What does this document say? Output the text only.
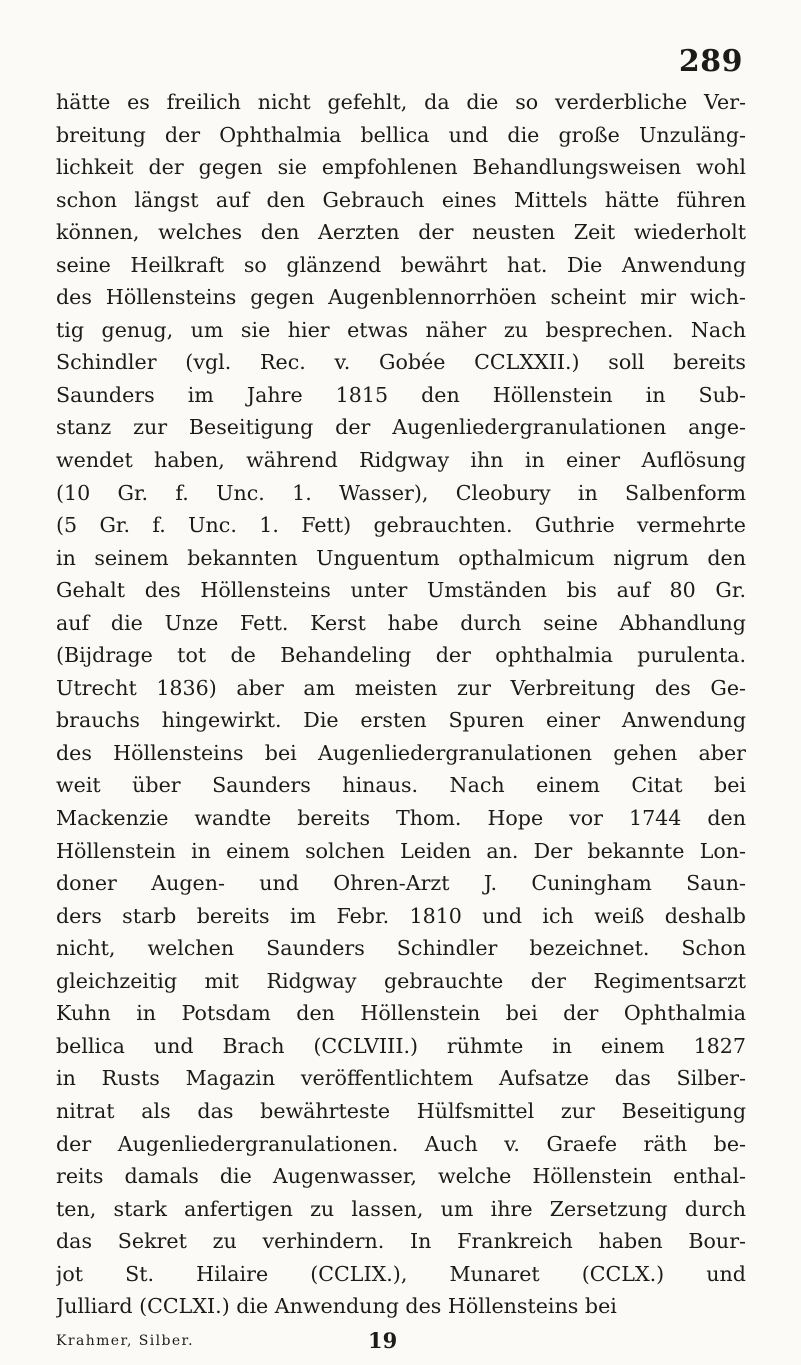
289
hätte es freilich nicht gefehlt, da die so verderbliche Ver-
breitung der Ophthalmia bellica und die große Unzuläng-
lichkeit der gegen sie empfohlenen Behandlungsweisen wohl
schon längst auf den Gebrauch eines Mittels hätte führen
können, welches den Aerzten der neusten Zeit wiederholt
seine Heilkraft so glänzend bewährt hat. Die Anwendung
des Höllensteins gegen Augenblennorrhöen scheint mir wich-
tig genug, um sie hier etwas näher zu besprechen. Nach
Schindler (vgl. Rec. v. Gobée CCLXXII.) soll bereits
Saunders im Jahre 1815 den Höllenstein in Sub-
stanz zur Beseitigung der Augenliedergranulationen ange-
wendet haben, während Ridgway ihn in einer Auflösung
(10 Gr. f. Unc. 1. Wasser), Cleobury in Salbenform
(5 Gr. f. Unc. 1. Fett) gebrauchten. Guthrie vermehrte
in seinem bekannten Unguentum opthalmicum nigrum den
Gehalt des Höllensteins unter Umständen bis auf 80 Gr.
auf die Unze Fett. Kerst habe durch seine Abhandlung
(Bijdrage tot de Behandeling der ophthalmia purulenta.
Utrecht 1836) aber am meisten zur Verbreitung des Ge-
brauchs hingewirkt. Die ersten Spuren einer Anwendung
des Höllensteins bei Augenliedergranulationen gehen aber
weit über Saunders hinaus. Nach einem Citat bei
Mackenzie wandte bereits Thom. Hope vor 1744 den
Höllenstein in einem solchen Leiden an. Der bekannte Lon-
doner Augen- und Ohren-Arzt J. Cuningham Saun-
ders starb bereits im Febr. 1810 und ich weiß deshalb
nicht, welchen Saunders Schindler bezeichnet. Schon
gleichzeitig mit Ridgway gebrauchte der Regimentsarzt
Kuhn in Potsdam den Höllenstein bei der Ophthalmia
bellica und Brach (CCLVIII.) rühmte in einem 1827
in Rusts Magazin veröffentlichtem Aufsatze das Silber-
nitrat als das bewährteste Hülfsmittel zur Beseitigung
der Augenliedergranulationen. Auch v. Graefe räth be-
reits damals die Augenwasser, welche Höllenstein enthal-
ten, stark anfertigen zu lassen, um ihre Zersetzung durch
das Sekret zu verhindern. In Frankreich haben Bour-
jot St. Hilaire (CCLIX.), Munaret (CCLX.) und
Julliard (CCLXI.) die Anwendung des Höllensteins bei
Krahmer, Silber.	19
